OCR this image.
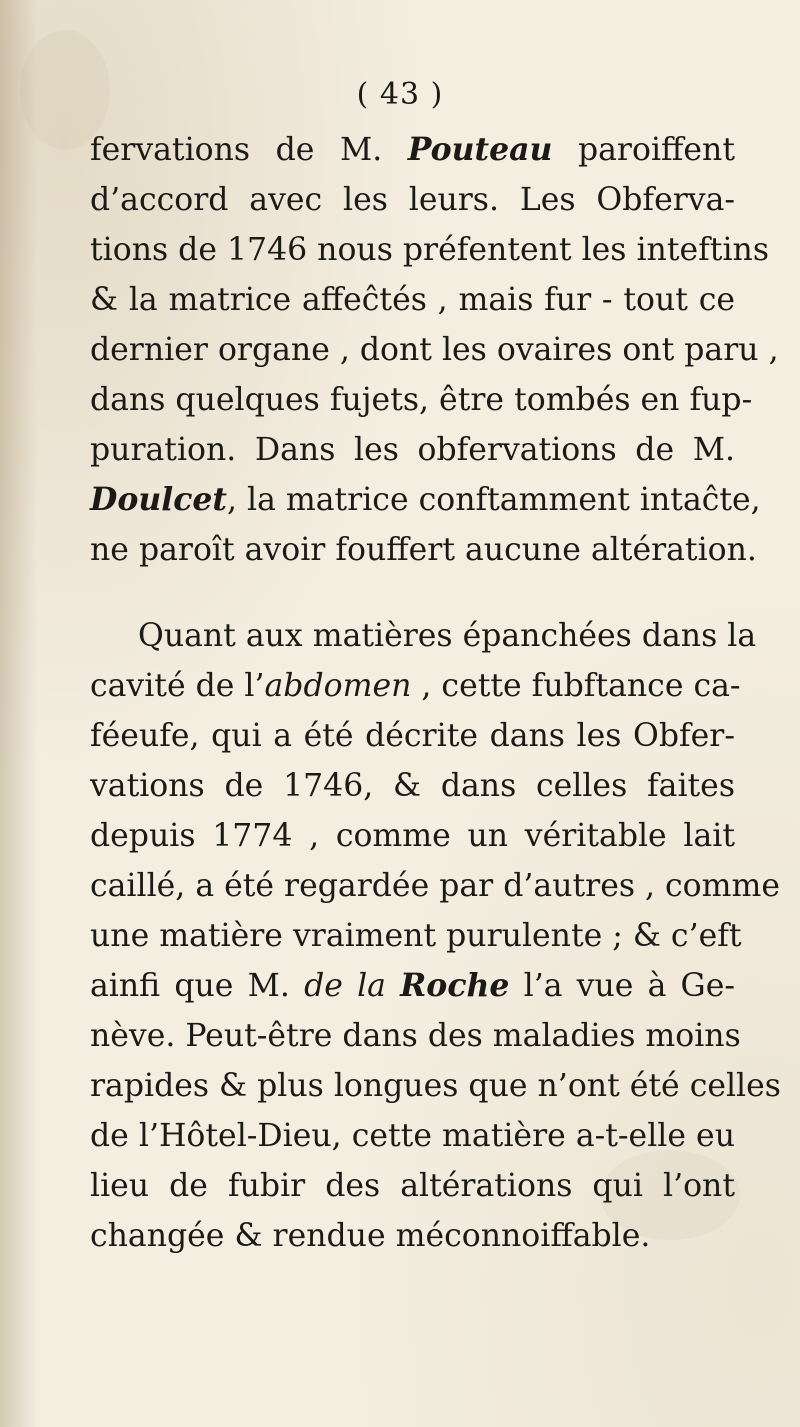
( 43 )
fervations de M. Pouteau paroiffent
d’accord avec les leurs. Les Obferva-
tions de 1746 nous préfentent les inteftins
& la matrice affeĉtés , mais fur - tout ce
dernier organe , dont les ovaires ont paru ,
dans quelques fujets, être tombés en fup-
puration. Dans les obfervations de M.
Doulcet, la matrice conftamment intaĉte,
ne paroît avoir fouffert aucune altération.
Quant aux matières épanchées dans la
cavité de l’abdomen , cette fubftance ca-
féeufe, qui a été décrite dans les Obfer-
vations de 1746, & dans celles faites
depuis 1774 , comme un véritable lait
caillé, a été regardée par d’autres , comme
une matière vraiment purulente ; & c’eft
ainfi que M. de la Roche l’a vue à Ge-
nève. Peut-être dans des maladies moins
rapides & plus longues que n’ont été celles
de l’Hôtel-Dieu, cette matière a-t-elle eu
lieu de fubir des altérations qui l’ont
changée & rendue méconnoiffable.
